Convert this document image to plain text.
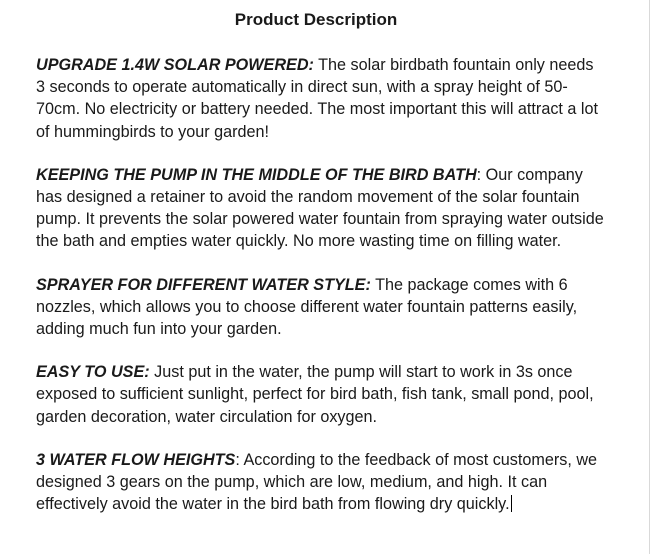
Product Description

UPGRADE 1.4W SOLAR POWERED: The solar birdbath fountain only needs 3 seconds to operate automatically in direct sun, with a spray height of 50-70cm. No electricity or battery needed. The most important this will attract a lot of hummingbirds to your garden!

KEEPING THE PUMP IN THE MIDDLE OF THE BIRD BATH: Our company has designed a retainer to avoid the random movement of the solar fountain pump. It prevents the solar powered water fountain from spraying water outside the bath and empties water quickly. No more wasting time on filling water.

SPRAYER FOR DIFFERENT WATER STYLE: The package comes with 6 nozzles, which allows you to choose different water fountain patterns easily, adding much fun into your garden.

EASY TO USE: Just put in the water, the pump will start to work in 3s once exposed to sufficient sunlight, perfect for bird bath, fish tank, small pond, pool, garden decoration, water circulation for oxygen.

3 WATER FLOW HEIGHTS: According to the feedback of most customers, we designed 3 gears on the pump, which are low, medium, and high. It can effectively avoid the water in the bird bath from flowing dry quickly.
